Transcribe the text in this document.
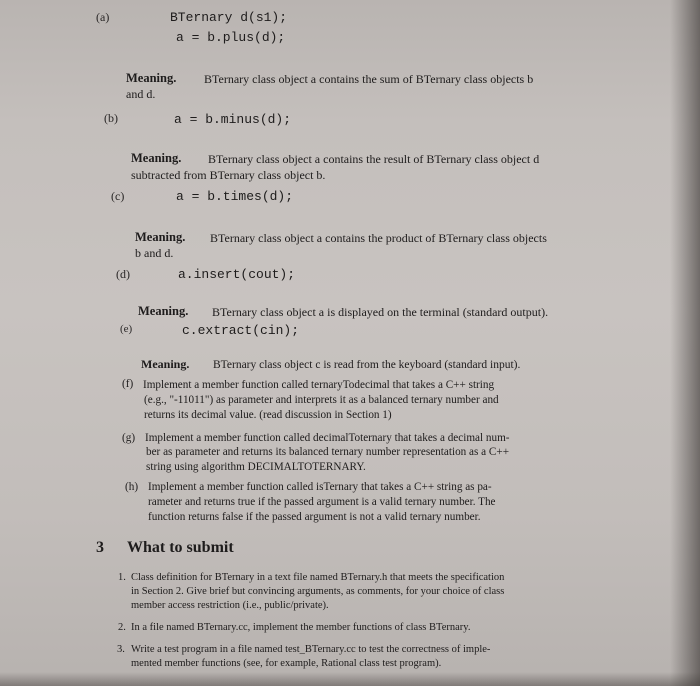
(a)	BTernary d(s1);
a = b.plus(d);
Meaning. BTernary class object a contains the sum of BTernary class objects b
and d.
(b)	a = b.minus(d);
Meaning. BTernary class object a contains the result of BTernary class object d
subtracted from BTernary class object b.
(c)	a = b.times(d);
Meaning. BTernary class object a contains the product of BTernary class objects
b and d.
(d)	a.insert(cout);
Meaning. BTernary class object a is displayed on the terminal (standard output).
(e)	c.extract(cin);
Meaning. BTernary class object c is read from the keyboard (standard input).
(f) Implement a member function called ternaryTodecimal that takes a C++ string
(e.g., "-11011") as parameter and interprets it as a balanced ternary number and
returns its decimal value. (read discussion in Section 1)
(g) Implement a member function called decimalToternary that takes a decimal num-
ber as parameter and returns its balanced ternary number representation as a C++
string using algorithm DECIMALTOTERNARY.
(h) Implement a member function called isTernary that takes a C++ string as pa-
rameter and returns true if the passed argument is a valid ternary number. The
function returns false if the passed argument is not a valid ternary number.
3 What to submit
1. Class definition for BTernary in a text file named BTernary.h that meets the specification
in Section 2. Give brief but convincing arguments, as comments, for your choice of class
member access restriction (i.e., public/private).
2. In a file named BTernary.cc, implement the member functions of class BTernary.
3. Write a test program in a file named test_BTernary.cc to test the correctness of imple-
mented member functions (see, for example, Rational class test program).
